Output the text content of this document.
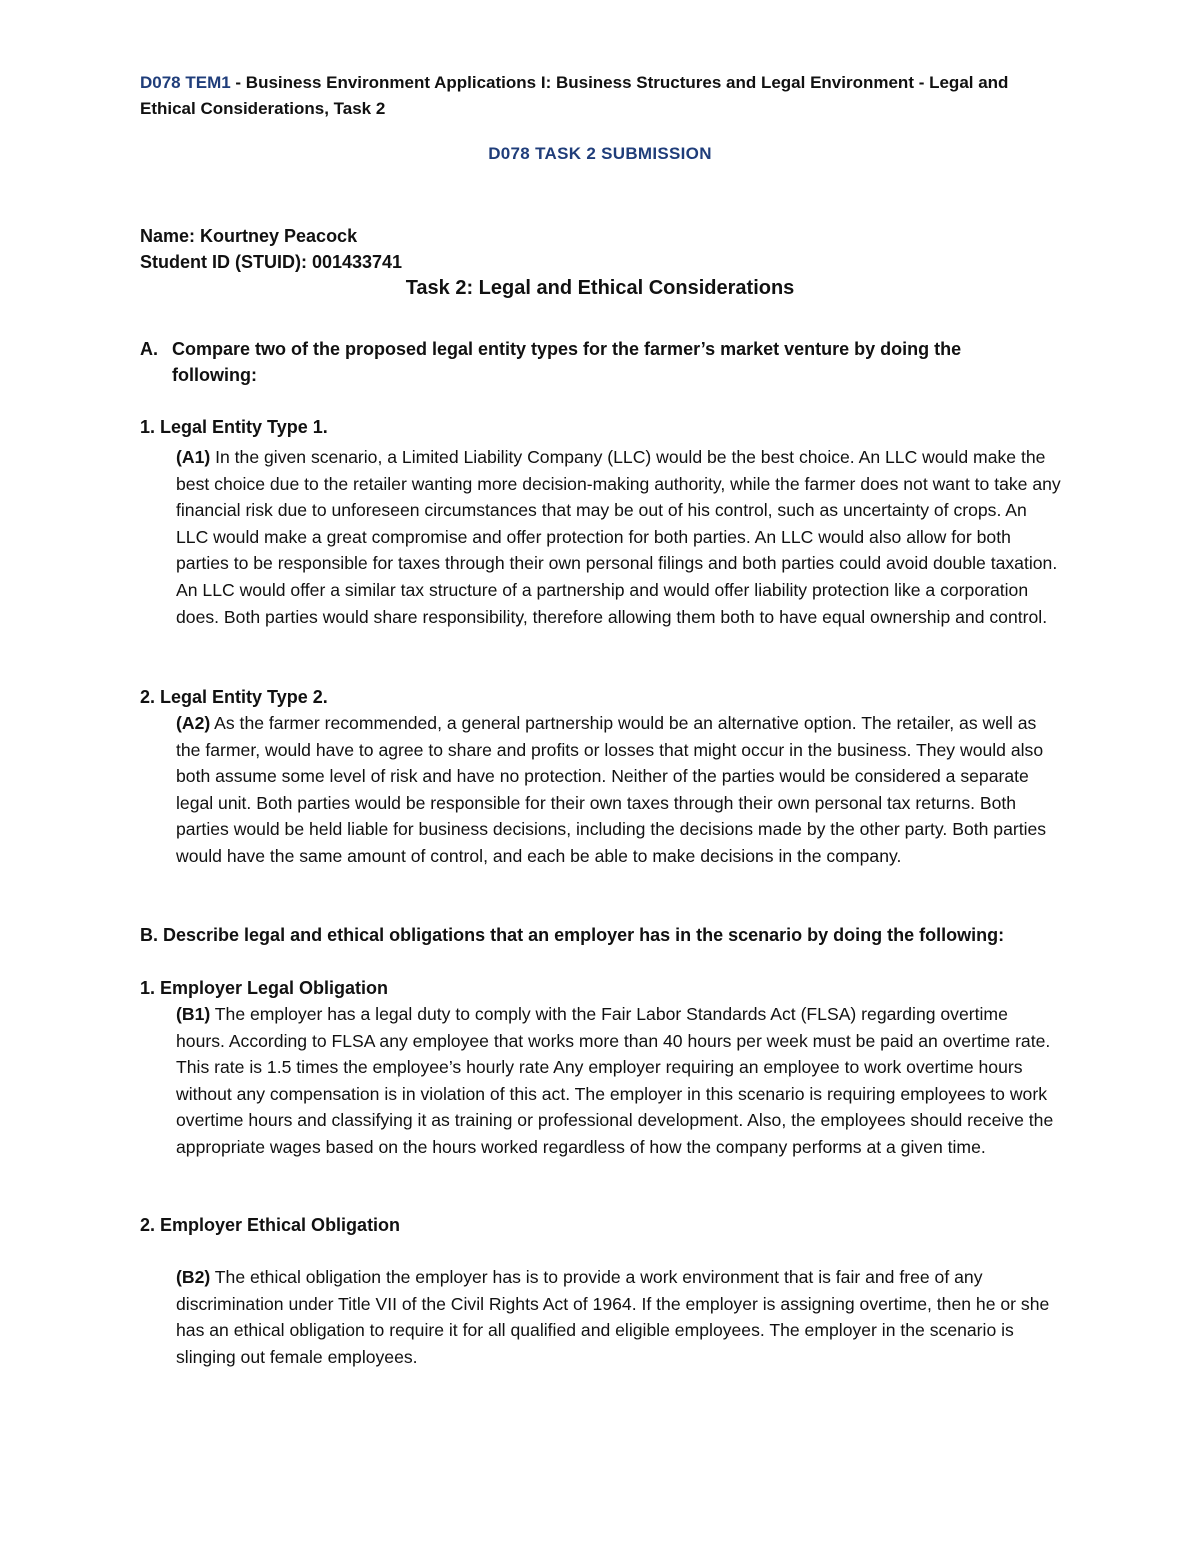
D078 TEM1 - Business Environment Applications I: Business Structures and Legal Environment - Legal and Ethical Considerations, Task 2

D078 TASK 2 SUBMISSION

Name: Kourtney Peacock

Student ID (STUID): 001433741

Task 2: Legal and Ethical Considerations

A. Compare two of the proposed legal entity types for the farmer’s market venture by doing the following:

1. Legal Entity Type 1.

(A1) In the given scenario, a Limited Liability Company (LLC) would be the best choice. An LLC would make the best choice due to the retailer wanting more decision-making authority, while the farmer does not want to take any financial risk due to unforeseen circumstances that may be out of his control, such as uncertainty of crops. An LLC would make a great compromise and offer protection for both parties. An LLC would also allow for both parties to be responsible for taxes through their own personal filings and both parties could avoid double taxation. An LLC would offer a similar tax structure of a partnership and would offer liability protection like a corporation does. Both parties would share responsibility, therefore allowing them both to have equal ownership and control.

2. Legal Entity Type 2.

(A2) As the farmer recommended, a general partnership would be an alternative option. The retailer, as well as the farmer, would have to agree to share and profits or losses that might occur in the business. They would also both assume some level of risk and have no protection. Neither of the parties would be considered a separate legal unit. Both parties would be responsible for their own taxes through their own personal tax returns. Both parties would be held liable for business decisions, including the decisions made by the other party. Both parties would have the same amount of control, and each be able to make decisions in the company.

B. Describe legal and ethical obligations that an employer has in the scenario by doing the following:

1. Employer Legal Obligation

(B1) The employer has a legal duty to comply with the Fair Labor Standards Act (FLSA) regarding overtime hours. According to FLSA any employee that works more than 40 hours per week must be paid an overtime rate. This rate is 1.5 times the employee’s hourly rate Any employer requiring an employee to work overtime hours without any compensation is in violation of this act. The employer in this scenario is requiring employees to work overtime hours and classifying it as training or professional development. Also, the employees should receive the appropriate wages based on the hours worked regardless of how the company performs at a given time.

2. Employer Ethical Obligation

(B2) The ethical obligation the employer has is to provide a work environment that is fair and free of any discrimination under Title VII of the Civil Rights Act of 1964. If the employer is assigning overtime, then he or she has an ethical obligation to require it for all qualified and eligible employees. The employer in the scenario is slinging out female employees.
